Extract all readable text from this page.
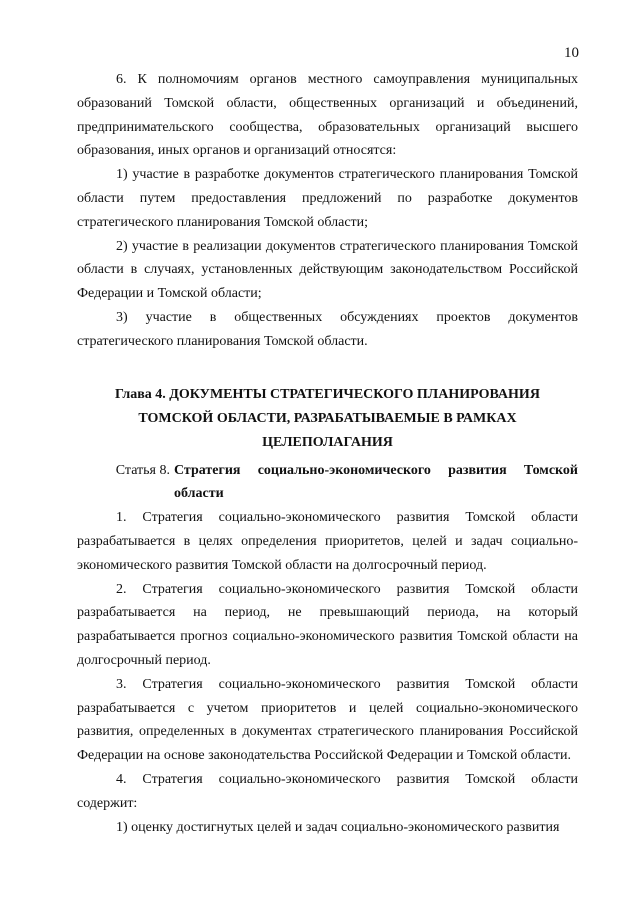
10

6. К полномочиям органов местного самоуправления муниципальных образований Томской области, общественных организаций и объединений, предпринимательского сообщества, образовательных организаций высшего образования, иных органов и организаций относятся:

1) участие в разработке документов стратегического планирования Томской области путем предоставления предложений по разработке документов стратегического планирования Томской области;

2) участие в реализации документов стратегического планирования Томской области в случаях, установленных действующим законодательством Российской Федерации и Томской области;

3) участие в общественных обсуждениях проектов документов стратегического планирования Томской области.

Глава 4. ДОКУМЕНТЫ СТРАТЕГИЧЕСКОГО ПЛАНИРОВАНИЯ
ТОМСКОЙ ОБЛАСТИ, РАЗРАБАТЫВАЕМЫЕ В РАМКАХ
ЦЕЛЕПОЛАГАНИЯ
Статья 8. Стратегия социально-экономического развития Томской
области

1. Стратегия социально-экономического развития Томской области разрабатывается в целях определения приоритетов, целей и задач социально-экономического развития Томской области на долгосрочный период.

2. Стратегия социально-экономического развития Томской области разрабатывается на период, не превышающий периода, на который разрабатывается прогноз социально-экономического развития Томской области на долгосрочный период.

3. Стратегия социально-экономического развития Томской области разрабатывается с учетом приоритетов и целей социально-экономического развития, определенных в документах стратегического планирования Российской Федерации на основе законодательства Российской Федерации и Томской области.

4. Стратегия социально-экономического развития Томской области содержит:

1) оценку достигнутых целей и задач социально-экономического развития
